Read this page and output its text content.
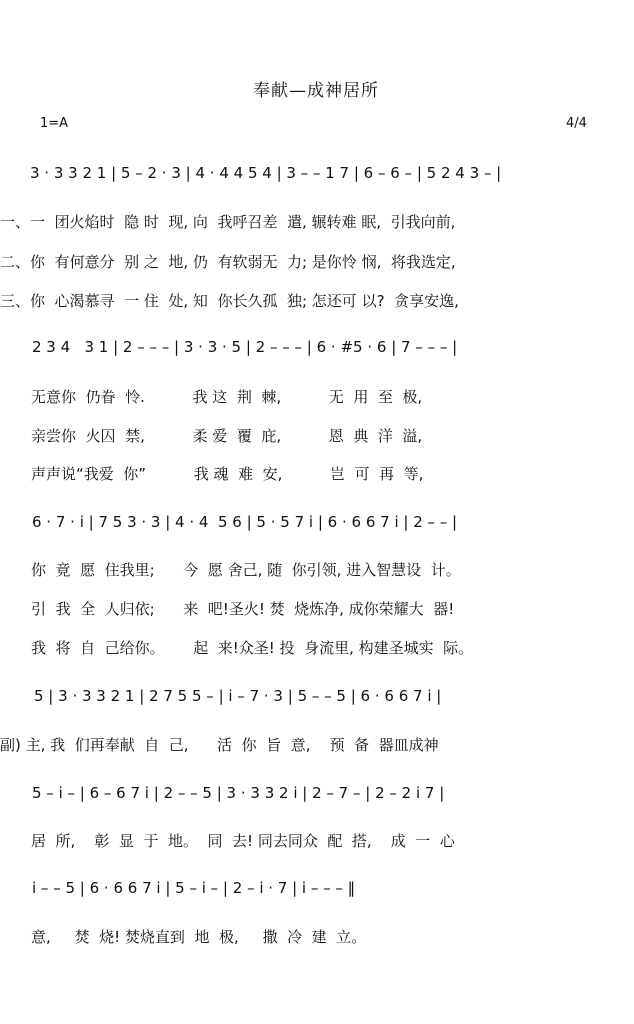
奉献—成神居所
1=A	4/4
3 · 3 3 2 1 | 5 – 2 · 3 | 4 · 4 4 5 4 | 3 – – 1 7 | 6 – 6 – | 5 2 4 3 – |
一、一  团火焰时  隐 时  现, 向  我呼召差  遣, 辗转难 眠,  引我向前,
二、你  有何意分  别 之  地, 仍  有软弱无  力; 是你怜 悯,  将我选定,
三、你  心渴慕寻  一 住  处, 知  你长久孤  独; 怎还可 以?  贪享安逸,
2 3 4   3 1 | 2 – – – | 3 · 3 · 5 | 2 – – – | 6 · #5 · 6 | 7 – – – |
无意你  仍眷  怜.          我 这  荆  棘,          无  用  至  极,
亲尝你  火囚  禁,          柔 爱  覆  庇,          恩  典  洋  溢,
声声说“我爱  你”          我 魂  难  安,          岂  可  再  等,
6 · 7 · i | 7 5 3 · 3 | 4 · 4  5 6 | 5 · 5 7 i | 6 · 6 6 7 i | 2 – – |
你  竟  愿  住我里;      今  愿 舍己, 随  你引领, 进入智慧设  计。
引  我  全  人归依;      来  吧!圣火! 焚  烧炼净, 成你荣耀大  器!
我  将  自  己给你。      起  来!众圣! 投  身流里, 构建圣城实  际。
5 | 3 · 3 3 2 1 | 2 7 5 5 – | i – 7 · 3 | 5 – – 5 | 6 · 6 6 7 i |
副) 主, 我  们再奉献  自  己,      活  你  旨  意,    预  备  器皿成神
5 – i – | 6 – 6 7 i | 2 – – 5 | 3 · 3 3 2 i | 2 – 7 – | 2 – 2 i 7 |
居  所,    彰  显  于  地。  同  去! 同去同众  配  搭,    成  一  心
i – – 5 | 6 · 6 6 7 i | 5 – i – | 2 – i · 7 | i – – – ‖
意,     焚  烧! 焚烧直到  地  极,     撒  冷  建  立。
